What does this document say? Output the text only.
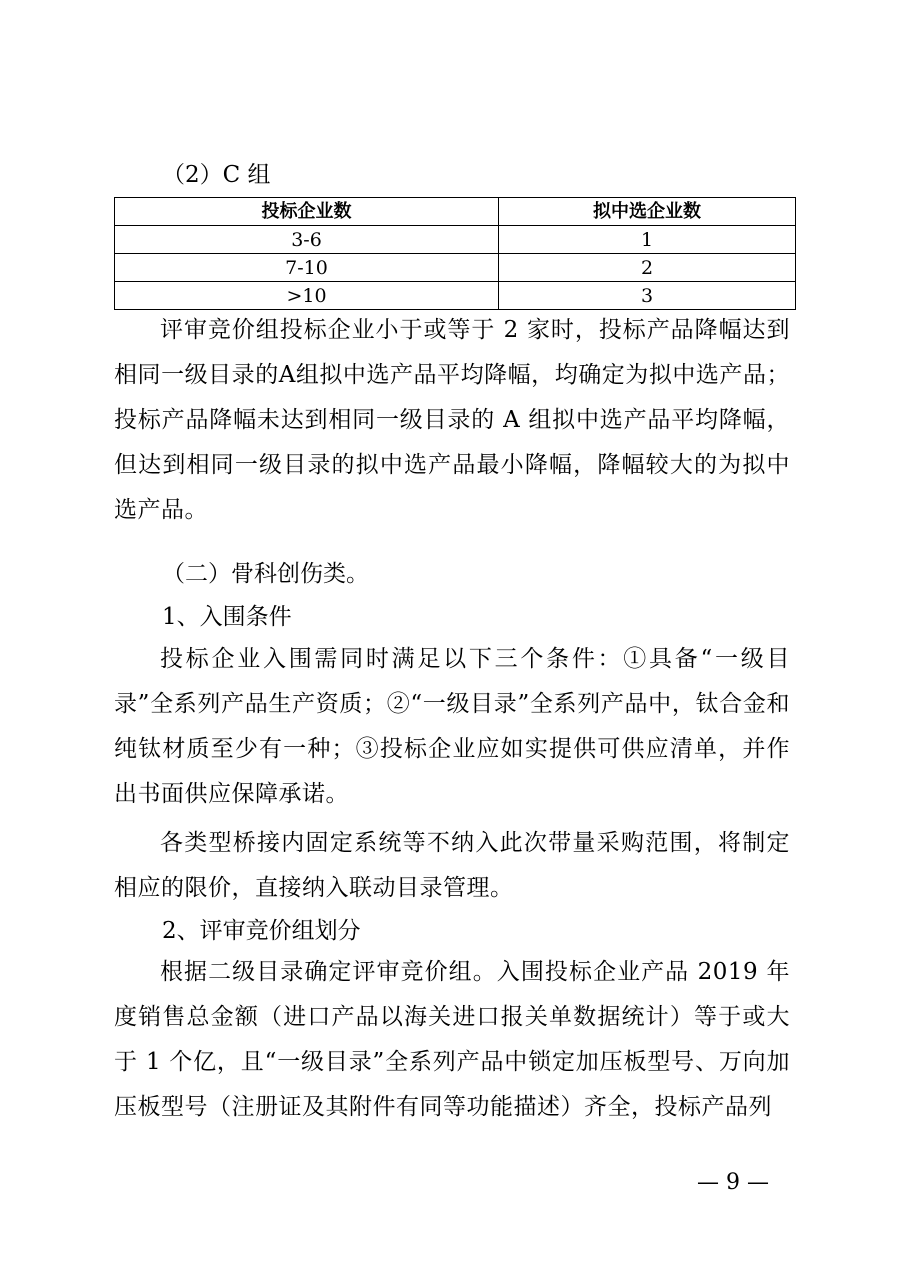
（2）C 组
投标企业数	拟中选企业数
3-6	1
7-10	2
>10	3

评审竞价组投标企业小于或等于 2 家时，投标产品降幅达到相同一级目录的A组拟中选产品平均降幅，均确定为拟中选产品；投标产品降幅未达到相同一级目录的 A 组拟中选产品平均降幅，但达到相同一级目录的拟中选产品最小降幅，降幅较大的为拟中选产品。

（二）骨科创伤类。
1、入围条件

投标企业入围需同时满足以下三个条件：①具备“一级目录”全系列产品生产资质；②“一级目录”全系列产品中，钛合金和纯钛材质至少有一种；③投标企业应如实提供可供应清单，并作出书面供应保障承诺。

各类型桥接内固定系统等不纳入此次带量采购范围，将制定相应的限价，直接纳入联动目录管理。

2、评审竞价组划分

根据二级目录确定评审竞价组。入围投标企业产品 2019 年度销售总金额（进口产品以海关进口报关单数据统计）等于或大于 1 个亿，且“一级目录”全系列产品中锁定加压板型号、万向加压板型号（注册证及其附件有同等功能描述）齐全，投标产品列

— 9 —
